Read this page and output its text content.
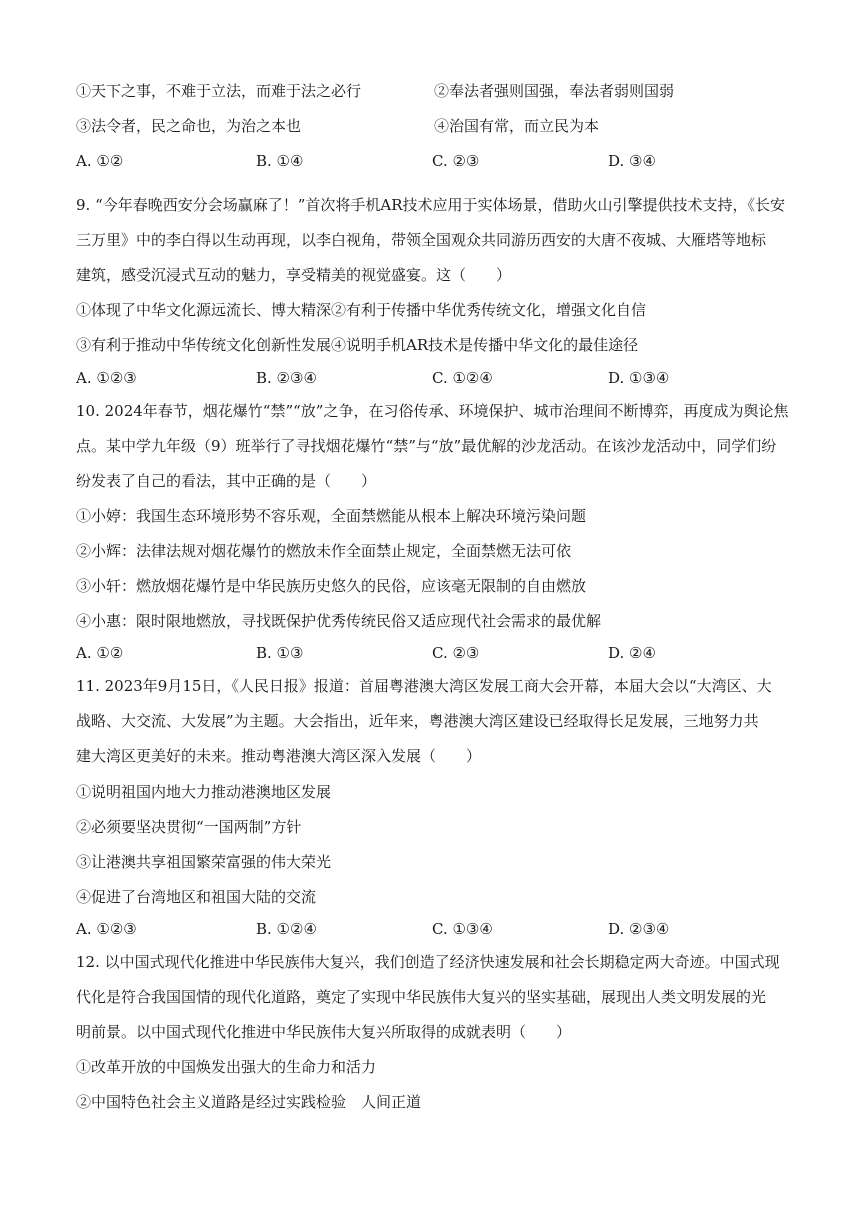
①天下之事，不难于立法，而难于法之必行	②奉法者强则国强，奉法者弱则国弱
③法令者，民之命也，为治之本也	④治国有常，而立民为本
A. ①②	B. ①④	C. ②③	D. ③④
9. “今年春晚西安分会场赢麻了！”首次将手机AR技术应用于实体场景，借助火山引擎提供技术支持，《长安
三万里》中的李白得以生动再现，以李白视角，带领全国观众共同游历西安的大唐不夜城、大雁塔等地标
建筑，感受沉浸式互动的魅力，享受精美的视觉盛宴。这（　　）
①体现了中华文化源远流长、博大精深②有利于传播中华优秀传统文化，增强文化自信
③有利于推动中华传统文化创新性发展④说明手机AR技术是传播中华文化的最佳途径
A. ①②③	B. ②③④	C. ①②④	D. ①③④
10. 2024年春节，烟花爆竹“禁”“放”之争，在习俗传承、环境保护、城市治理间不断博弈，再度成为舆论焦
点。某中学九年级（9）班举行了寻找烟花爆竹“禁”与“放”最优解的沙龙活动。在该沙龙活动中，同学们纷
纷发表了自己的看法，其中正确的是（　　）
①小婷：我国生态环境形势不容乐观，全面禁燃能从根本上解决环境污染问题
②小辉：法律法规对烟花爆竹的燃放未作全面禁止规定，全面禁燃无法可依
③小轩：燃放烟花爆竹是中华民族历史悠久的民俗，应该毫无限制的自由燃放
④小惠：限时限地燃放，寻找既保护优秀传统民俗又适应现代社会需求的最优解
A. ①②	B. ①③	C. ②③	D. ②④
11. 2023年9月15日，《人民日报》报道：首届粤港澳大湾区发展工商大会开幕，本届大会以“大湾区、大
战略、大交流、大发展”为主题。大会指出，近年来，粤港澳大湾区建设已经取得长足发展，三地努力共
建大湾区更美好的未来。推动粤港澳大湾区深入发展（　　）
①说明祖国内地大力推动港澳地区发展
②必须要坚决贯彻“一国两制”方针
③让港澳共享祖国繁荣富强的伟大荣光
④促进了台湾地区和祖国大陆的交流
A. ①②③	B. ①②④	C. ①③④	D. ②③④
12. 以中国式现代化推进中华民族伟大复兴，我们创造了经济快速发展和社会长期稳定两大奇迹。中国式现
代化是符合我国国情的现代化道路，奠定了实现中华民族伟大复兴的坚实基础，展现出人类文明发展的光
明前景。以中国式现代化推进中华民族伟大复兴所取得的成就表明（　　）
①改革开放的中国焕发出强大的生命力和活力
②中国特色社会主义道路是经过实践检验　人间正道
